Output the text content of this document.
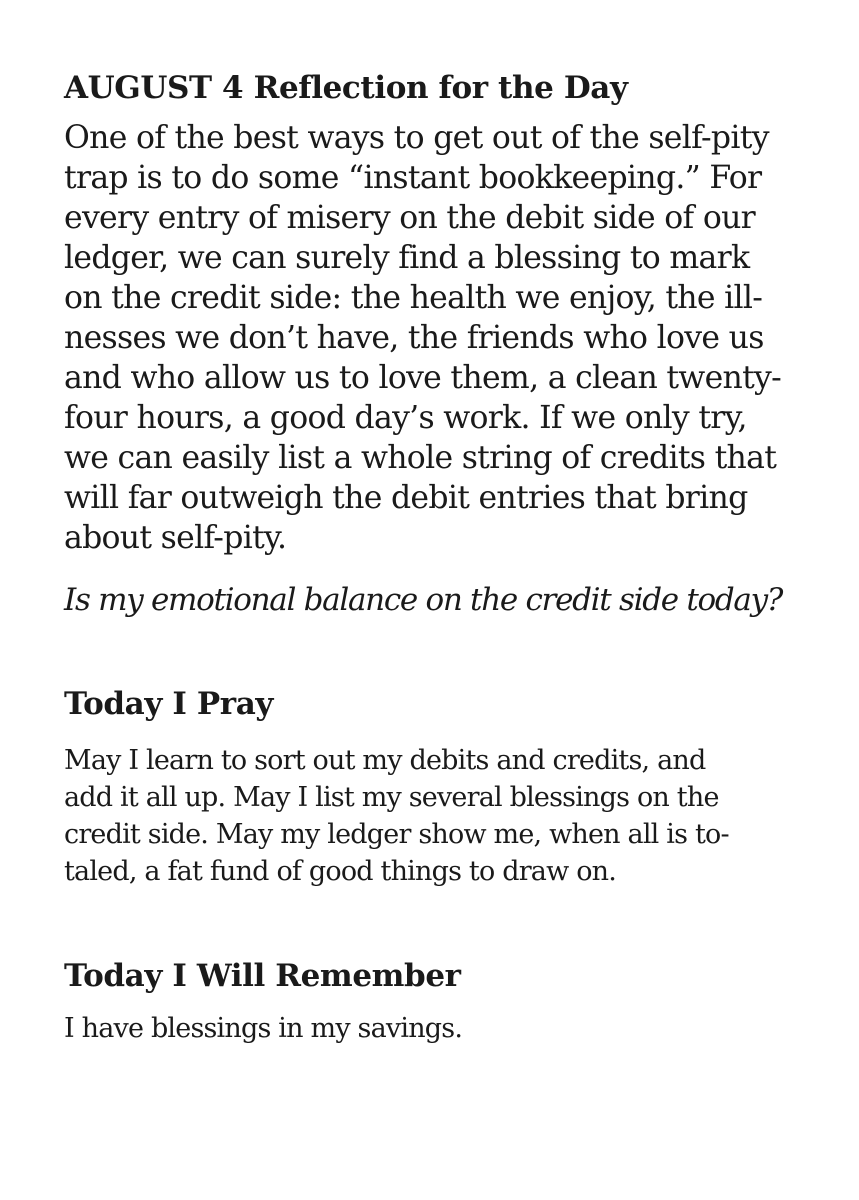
AUGUST 4 Reflection for the Day

One of the best ways to get out of the self-pity

trap is to do some “instant bookkeeping.” For

every entry of misery on the debit side of our

ledger, we can surely find a blessing to mark

on the credit side: the health we enjoy, the ill-

nesses we don’t have, the friends who love us

and who allow us to love them, a clean twenty-

four hours, a good day’s work. If we only try,

we can easily list a whole string of credits that

will far outweigh the debit entries that bring

about self-pity.

Is my emotional balance on the credit side today?

Today I Pray

May I learn to sort out my debits and credits, and

add it all up. May I list my several blessings on the

credit side. May my ledger show me, when all is to-

taled, a fat fund of good things to draw on.

Today I Will Remember

I have blessings in my savings.
